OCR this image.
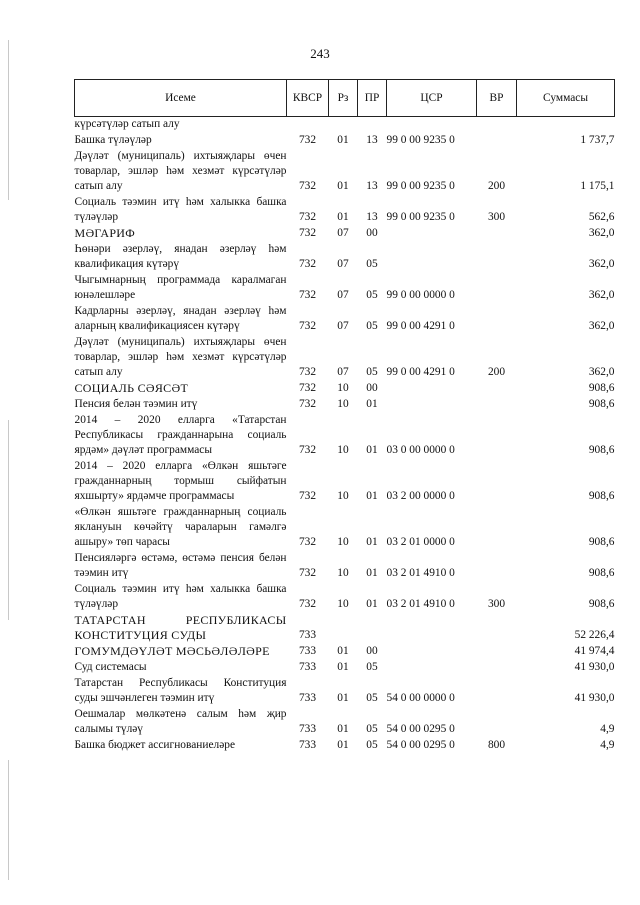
243
Исеме	КВСР	Рз	ПР	ЦСР	ВР	Суммасы
күрсәтүләр сатып алу						
Башка түләүләр	732	01	13	99 0 00 9235 0		1 737,7
Дәүләт (муниципаль) ихтыяҗлары өчен товарлар, эшләр һәм хезмәт күрсәтүләр сатып алу	732	01	13	99 0 00 9235 0	200	1 175,1
Социаль тәэмин итү һәм халыкка башка түләүләр	732	01	13	99 0 00 9235 0	300	562,6
МӘГАРИФ	732	07	00			362,0
Һөнәри әзерләү, янадан әзерләү һәм квалификация күтәрү	732	07	05			362,0
Чыгымнарның программада каралмаган юнәлешләре	732	07	05	99 0 00 0000 0		362,0
Кадрларны әзерләү, янадан әзерләү һәм аларның квалификациясен күтәрү	732	07	05	99 0 00 4291 0		362,0
Дәүләт (муниципаль) ихтыяҗлары өчен товарлар, эшләр һәм хезмәт күрсәтүләр сатып алу	732	07	05	99 0 00 4291 0	200	362,0
СОЦИАЛЬ СӘЯСӘТ	732	10	00			908,6
Пенсия белән тәэмин итү	732	10	01			908,6
2014 – 2020 елларга «Татарстан Республикасы гражданнарына социаль ярдәм» дәүләт программасы	732	10	01	03 0 00 0000 0		908,6
2014 – 2020 елларга «Өлкән яшьтәге гражданнарның тормыш сыйфатын яхшырту» ярдәмче программасы	732	10	01	03 2 00 0000 0		908,6
«Өлкән яшьтәге гражданнарның социаль яклануын көчәйтү чараларын гамәлгә ашыру» төп чарасы	732	10	01	03 2 01 0000 0		908,6
Пенсияләргә өстәмә, өстәмә пенсия белән тәэмин итү	732	10	01	03 2 01 4910 0		908,6
Социаль тәэмин итү һәм халыкка башка түләүләр	732	10	01	03 2 01 4910 0	300	908,6
ТАТАРСТАН РЕСПУБЛИКАСЫ КОНСТИТУЦИЯ СУДЫ	733					52 226,4
ГОМУМДӘҮЛӘТ МӘСЬӘЛӘЛӘРЕ	733	01	00			41 974,4
Суд системасы	733	01	05			41 930,0
Татарстан Республикасы Конституция суды эшчәнлеген тәэмин итү	733	01	05	54 0 00 0000 0		41 930,0
Оешмалар мөлкәтенә салым һәм җир салымы түләү	733	01	05	54 0 00 0295 0		4,9
Башка бюджет ассигнованиеләре	733	01	05	54 0 00 0295 0	800	4,9
